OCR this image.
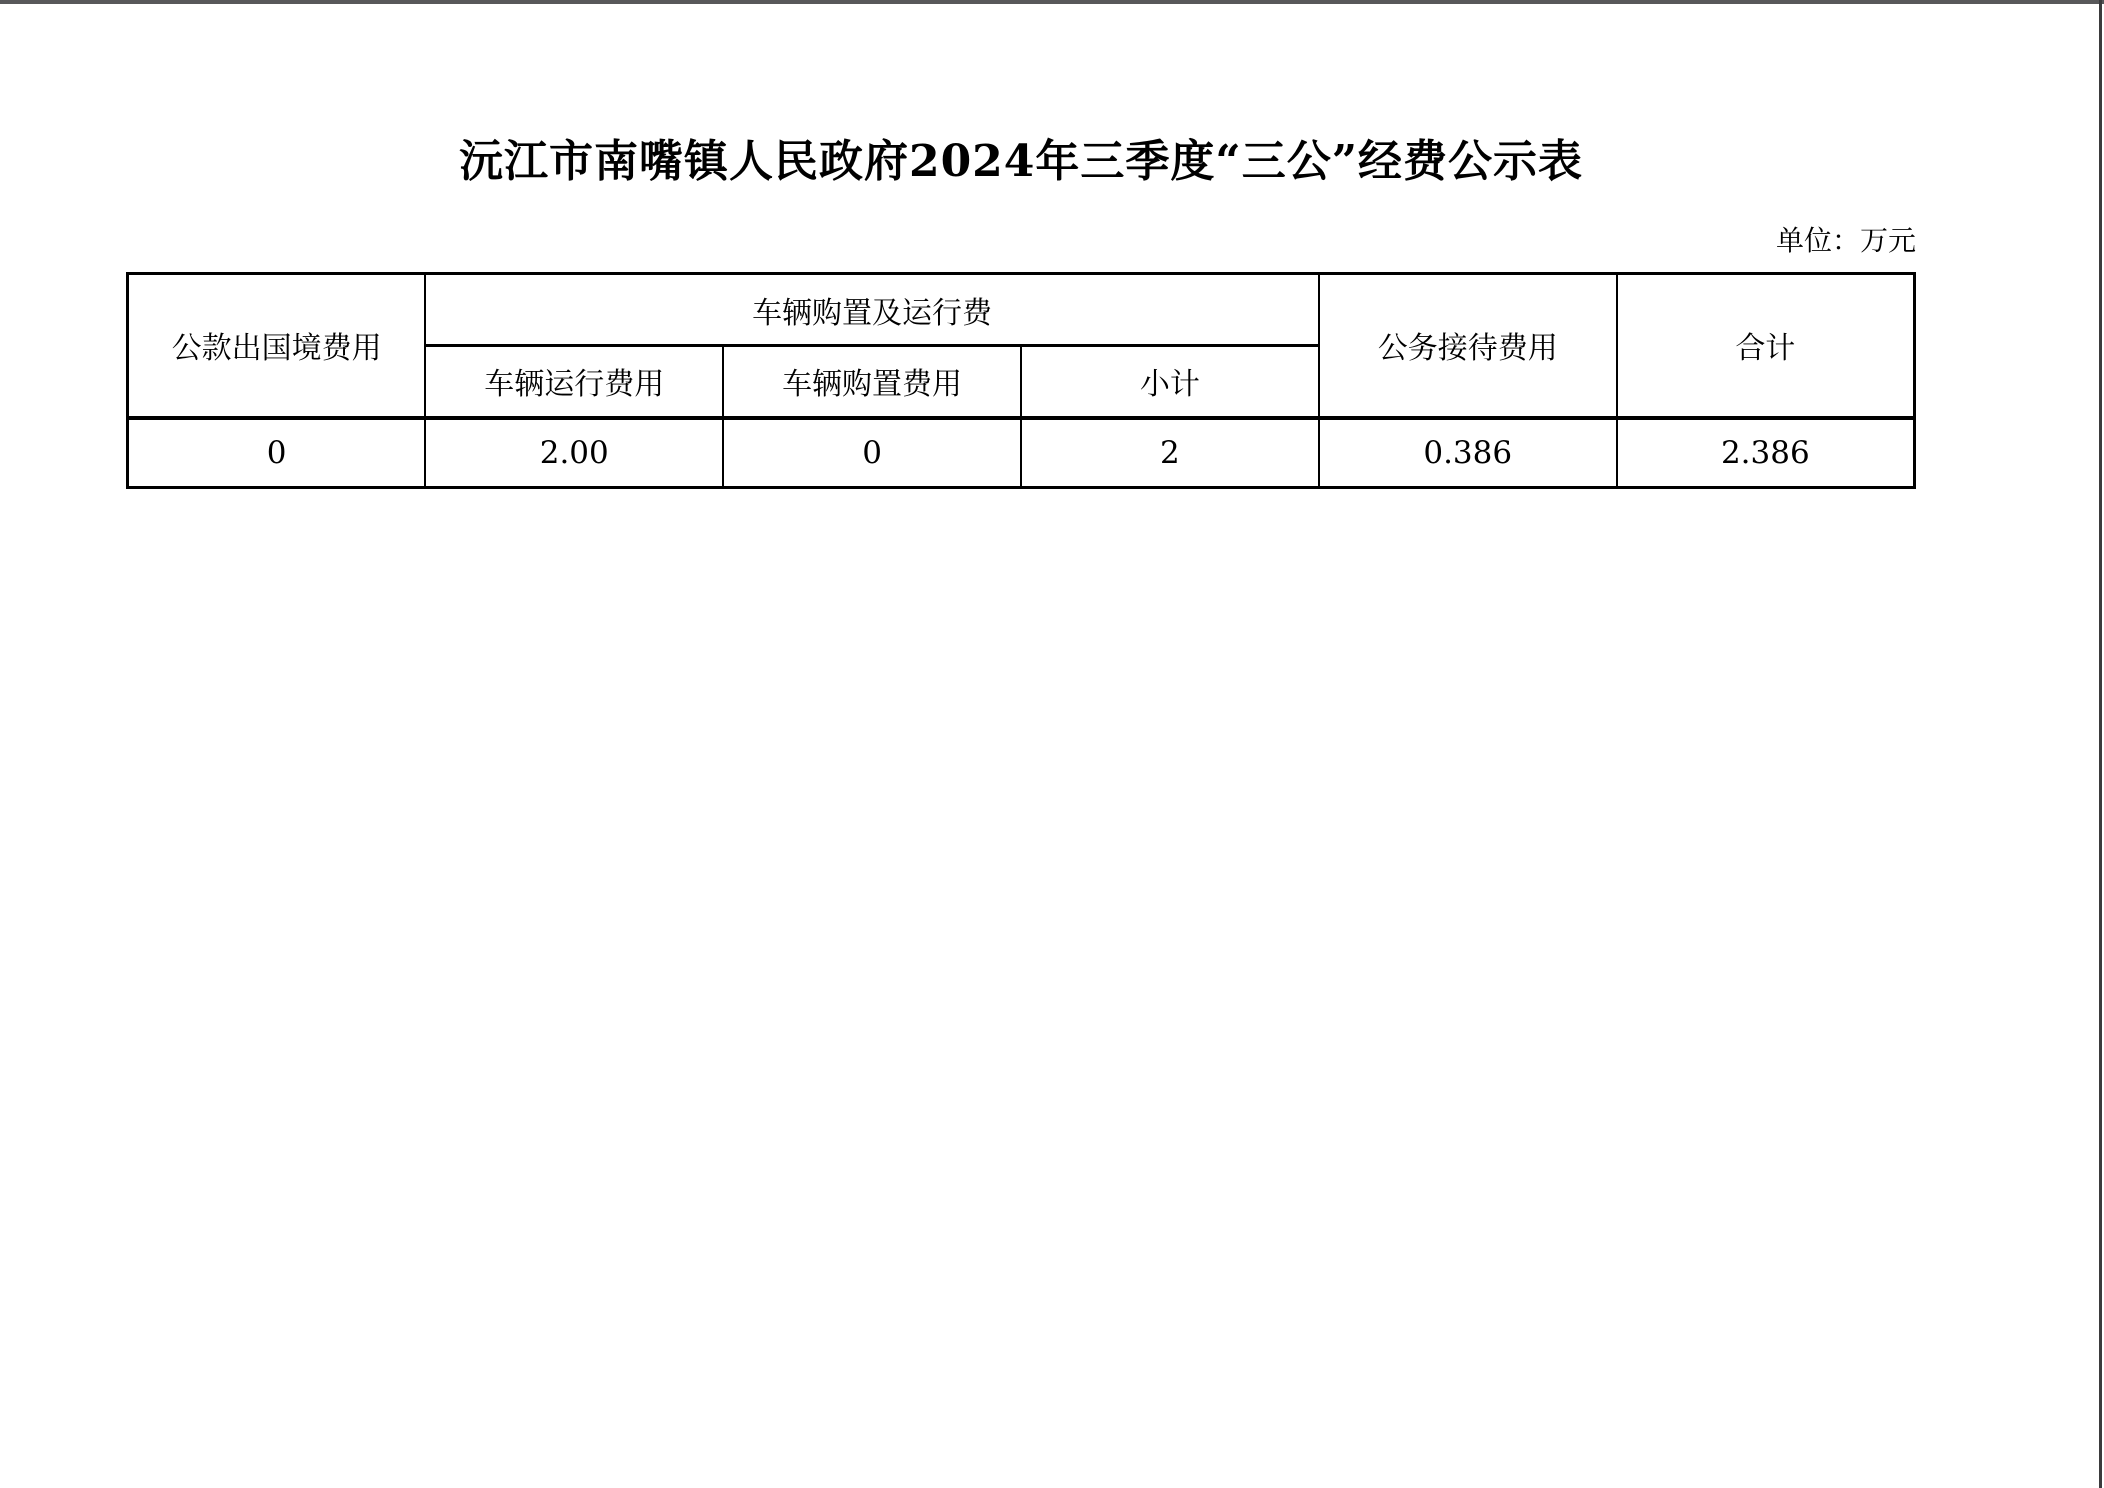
沅江市南嘴镇人民政府2024年三季度“三公”经费公示表
单位：万元
公款出国境费用	车辆购置及运行费			公务接待费用	合计
	车辆运行费用	车辆购置费用	小计		
0	2.00	0	2	0.386	2.386
